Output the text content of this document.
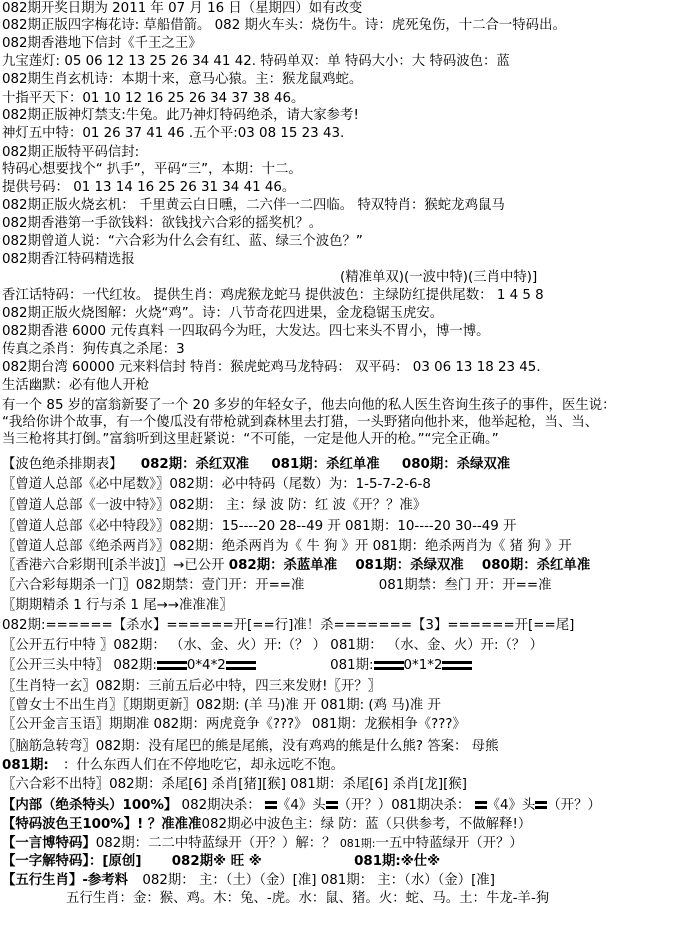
082期开奖日期为 2011 年 07 月 16 日（星期四）如有改变
082期正版四字梅花诗: 草船借箭。 082 期火车头：烧伤牛。诗：虎死兔伤，十二合一特码出。
082期香港地下信封《千王之王》
九宝莲灯: 05 06 12 13 25 26 34 41 42. 特码单双：单 特码大小：大 特码波色：蓝
082期生肖玄机诗：本期十来，意马心猿。主：猴龙鼠鸡蛇。
十指平天下：01 10 12 16 25 26 34 37 38 46。
082期正版神灯禁支:牛兔。此乃神灯特码绝杀，请大家参考!
神灯五中特：01 26 37 41 46 .五个平:03 08 15 23 43.
082期正版特平码信封:
特码心想要找个“ 扒手”，平码“三”，本期：十二。
提供号码： 01 13 14 16 25 26 31 34 41 46。
082期正版火烧玄机： 千里黄云白日曛，二六伴一二四临。 特双特肖：猴蛇龙鸡鼠马
082期香港第一手欲钱料：欲钱找六合彩的摇奖机？。
082期曾道人说：“六合彩为什么会有红、蓝、绿三个波色？”
082期香江特码精选报
(精准单双)(一波中特)(三肖中特)]
香江话特码：一代红妆。 提供生肖：鸡虎猴龙蛇马 提供波色：主绿防红提供尾数： 1 4 5 8
082期正版火烧图解：火烧“鸡”。诗：八节奇花四进果，金龙稳锯玉虎安。
082期香港 6000 元传真料 一四取码今为旺，大发达。四七来头不胃小，博一博。
传真之杀肖：狗传真之杀尾：3
082期台湾 60000 元来料信封 特肖：猴虎蛇鸡马龙特码： 双平码： 03 06 13 18 23 45.
生活幽默：必有他人开枪
有一个 85 岁的富翁新娶了一个 20 多岁的年轻女子，他去向他的私人医生咨询生孩子的事件，医生说：
“我给你讲个故事，有一个傻瓜没有带枪就到森林里去打猎，一头野猪向他扑来，他举起枪，当、当、
当三枪将其打倒。”富翁听到这里赶紧说：“不可能，一定是他人开的枪。”“完全正确。”
【波色绝杀排期表】 082期：杀红双准 081期：杀红单准 080期：杀绿双准
〖曾道人总部《必中尾数》〗082期：必中特码（尾数）为：1-5-7-2-6-8
〖曾道人总部《一波中特》〗082期： 主：绿 波 防：红 波《开？？准》
〖曾道人总部《必中特段》〗082期：15----20 28--49 开 081期：10----20 30--49 开
〖曾道人总部《绝杀两肖》〗082期：绝杀两肖为《 牛 狗 》开 081期：绝杀两肖为《 猪 狗 》开
〖香港六合彩期刊[杀半波]〗→已公开 082期：杀蓝单准 081期：杀绿双准 080期：杀红单准
〖六合彩每期杀一门〗082期禁：壹门开：开==准	081期禁：叁门 开：开==准
〖期期精杀 1 行与杀 1 尾→→准准准〗
082期:======【杀水】======开[==行]准！杀=======【3】======开[==尾]
〖公开五行中特 〗082期： （水、金、火）开:（？ ） 081期： （水、金、火）开:（？ ）
〖公开三头中特〗 082期: 0*4*2	081期: 0*1*2
〖生肖特一玄〗082期：三前五后必中特，四三来发财!〖开？〗
〖曾女士不出生肖〗〖期期更新〗082期: (羊 马)准 开 081期: (鸡 马)准 开
〖公开金言玉语〗期期准 082期：两虎竟争《???》 081期：龙猴相争《???》
〖脑筋急转弯〗082期：没有尾巴的熊是尾熊，没有鸡鸡的熊是什么熊? 答案： 母熊
081期: ：什么东西人们在不停地吃它，却永远吃不饱。
〖六合彩不出特〗082期：杀尾[6] 杀肖[猪][猴] 081期：杀尾[6] 杀肖[龙][猴]
【内部（绝杀特头）100%】 082期决杀： 《4》头 （开？）081期决杀： 《4》头 （开？）
【特码波色王100%】! ？准准准082期必中波色主：绿 防：蓝（只供参考，不做解释!）
【一言博特码】082期：二二中特蓝绿开（开？）解：？ 081期:一五中特蓝绿开（开？）
【一字解特码】：[原创] 082期※ 旺 ※	081期:※仕※
【五行生肖】-参考料 082期： 主：（土）（金）[准] 081期： 主：（水）（金）[准]
五行生肖：金：猴、鸡。木：兔、-虎。水：鼠、猪。火：蛇、马。土：牛龙-羊-狗
